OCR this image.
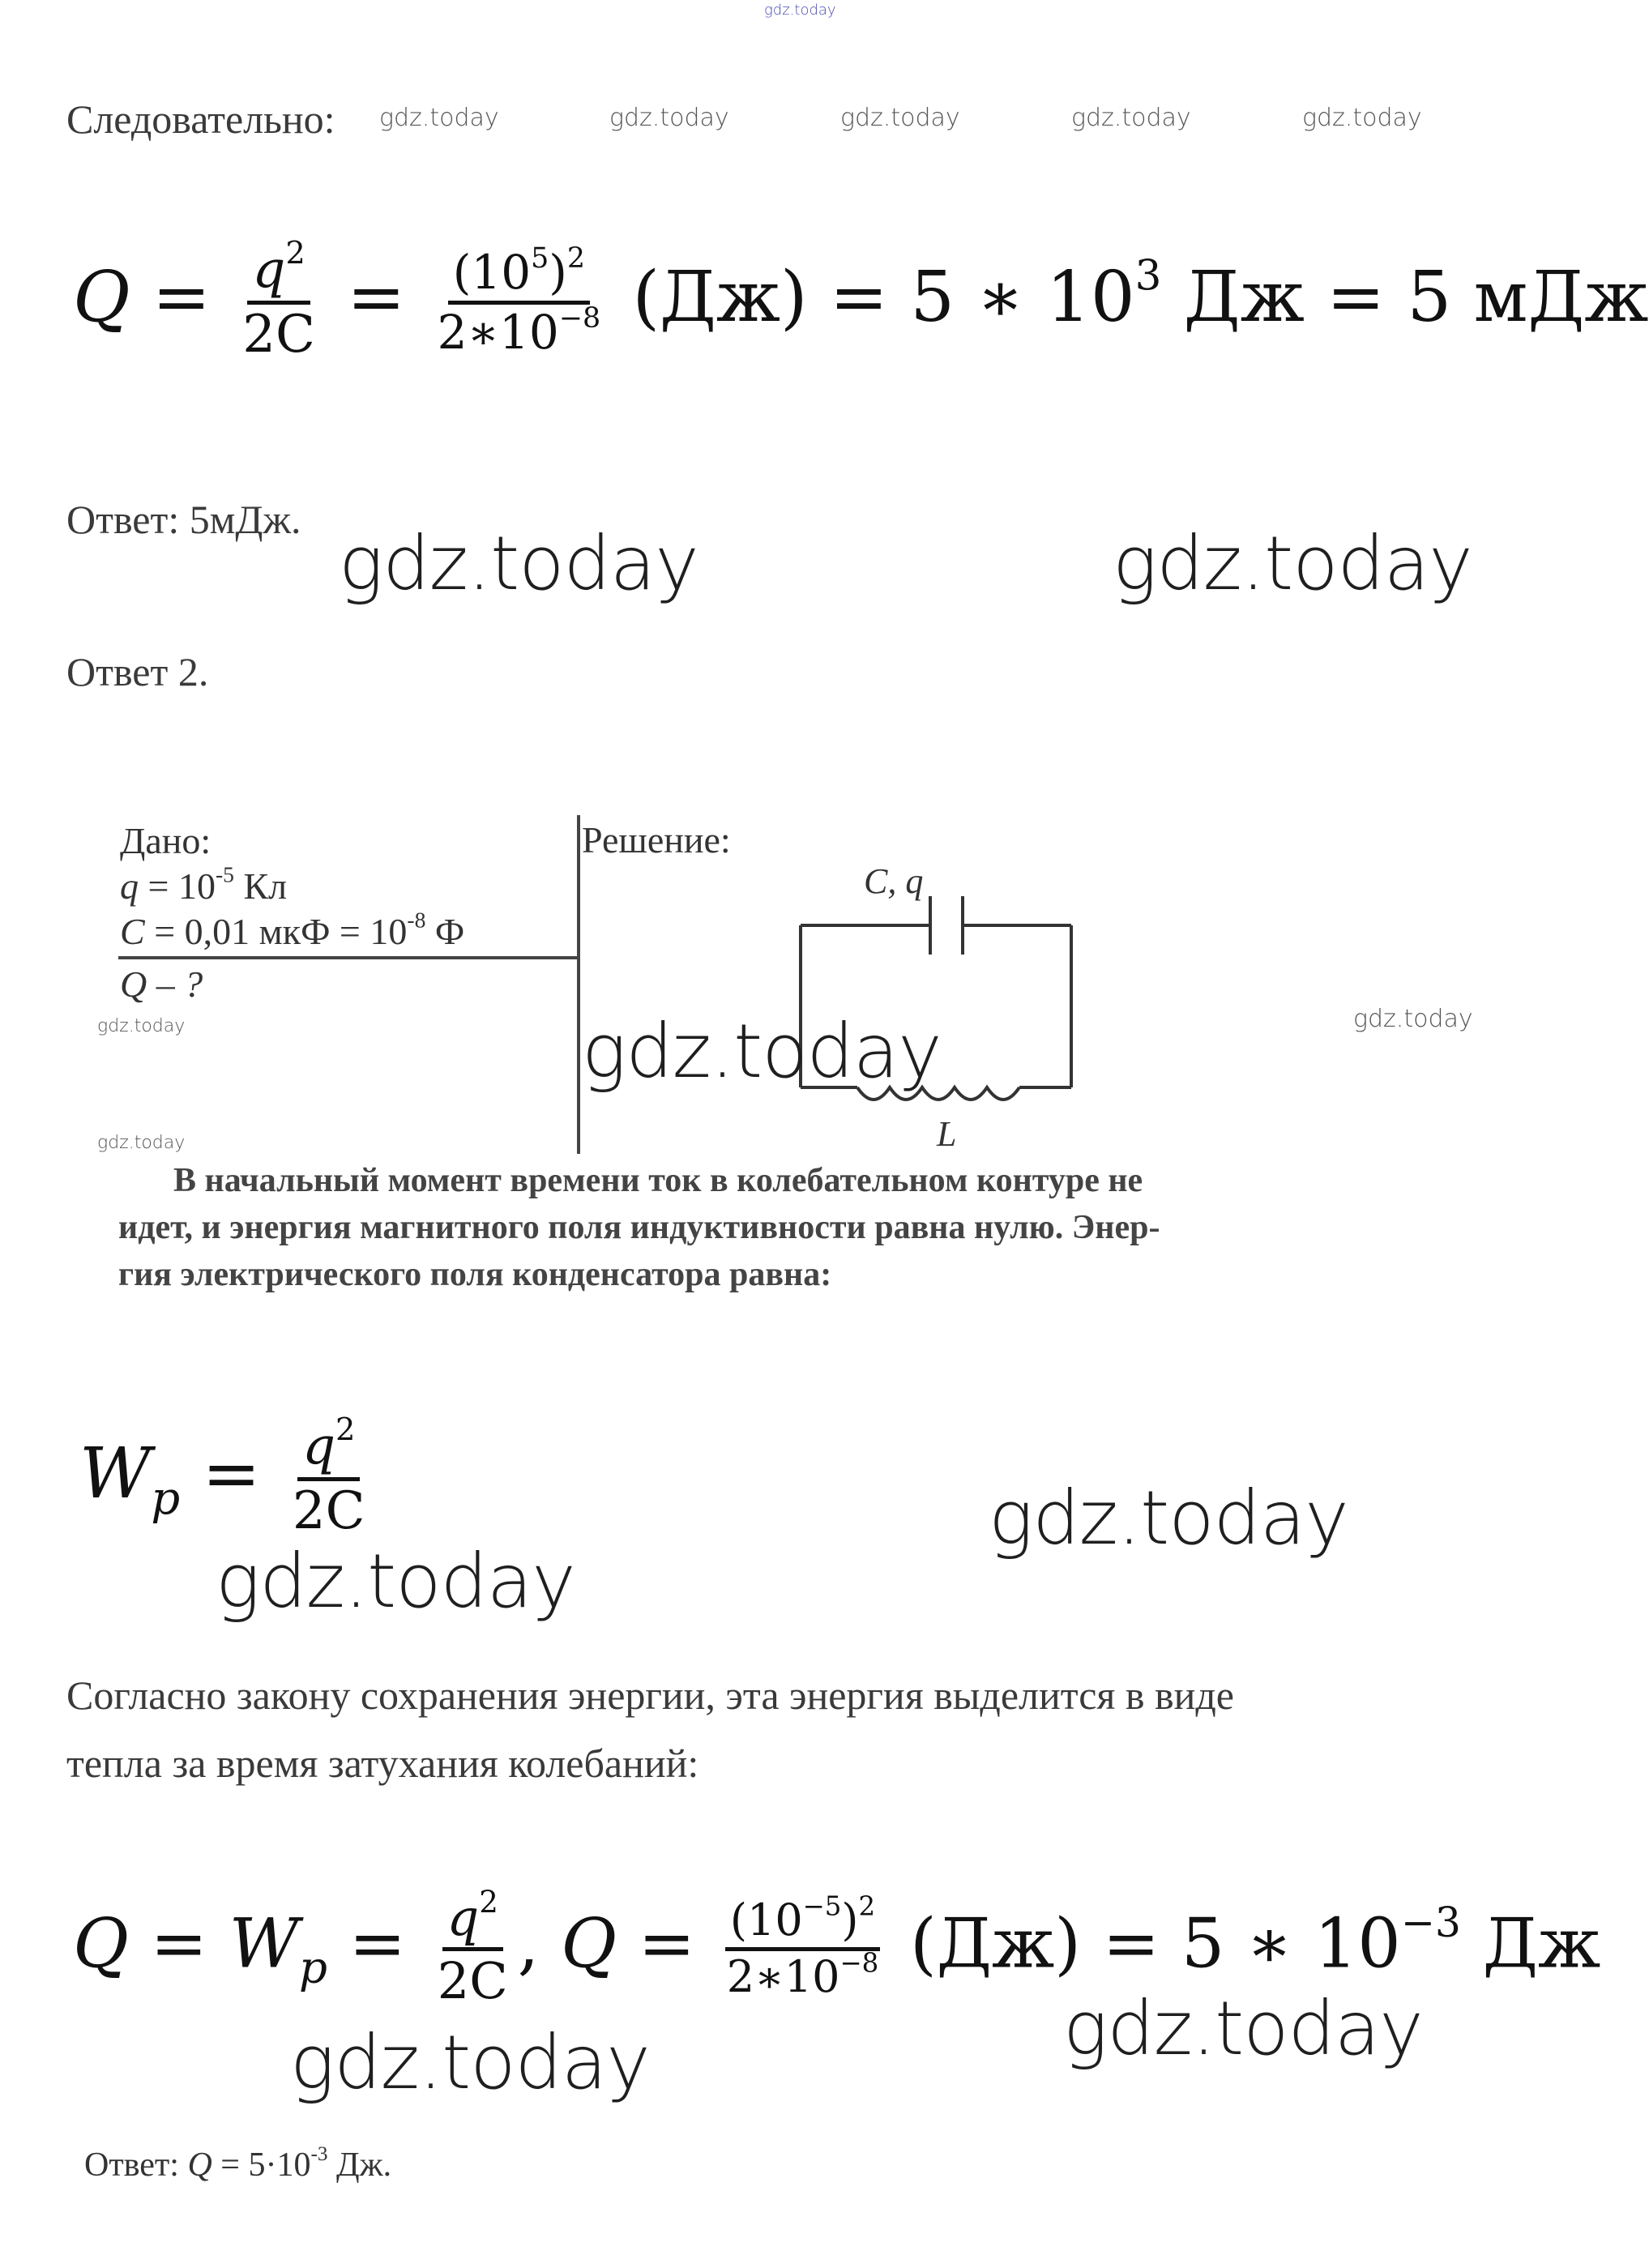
gdz.today
Следовательно: gdz.today	gdz.today	gdz.today	gdz.today	gdz.today
$Q = \frac{q^2}{2C} = \frac{(10^5)^2}{2∗10^{-8}} (Дж) = 5$ ∗ $10^3$ Дж = 5 мДж
Ответ: 5мДж.
gdz.today	gdz.today
Ответ 2.
Дано:
$q = 10^{-5}$ Кл
C = 0,01 мкФ = $10^{-8}$ Ф
Q – ?
Решение:
C, q
L
gdz.today	gdz.today	gdz.today
gdz.today
В начальный момент времени ток в колебательном контуре не
идет, и энергия магнитного поля индуктивности равна нулю. Энер-
гия электрического поля конденсатора равна:
$W_p = \frac{q^2}{2C}$	gdz.today
gdz.today
Согласно закону сохранения энергии, эта энергия выделится в виде
тепла за время затухания колебаний:
$Q = W_p = \frac{q^2}{2C}$ , $Q = \frac{(10^{-5})^2}{2∗10^{-8}} (Дж) = 5$ ∗ $10^{-3}$ Дж
gdz.today
gdz.today
Ответ: $Q = 5\cdot 10^{-3}$ Дж.
